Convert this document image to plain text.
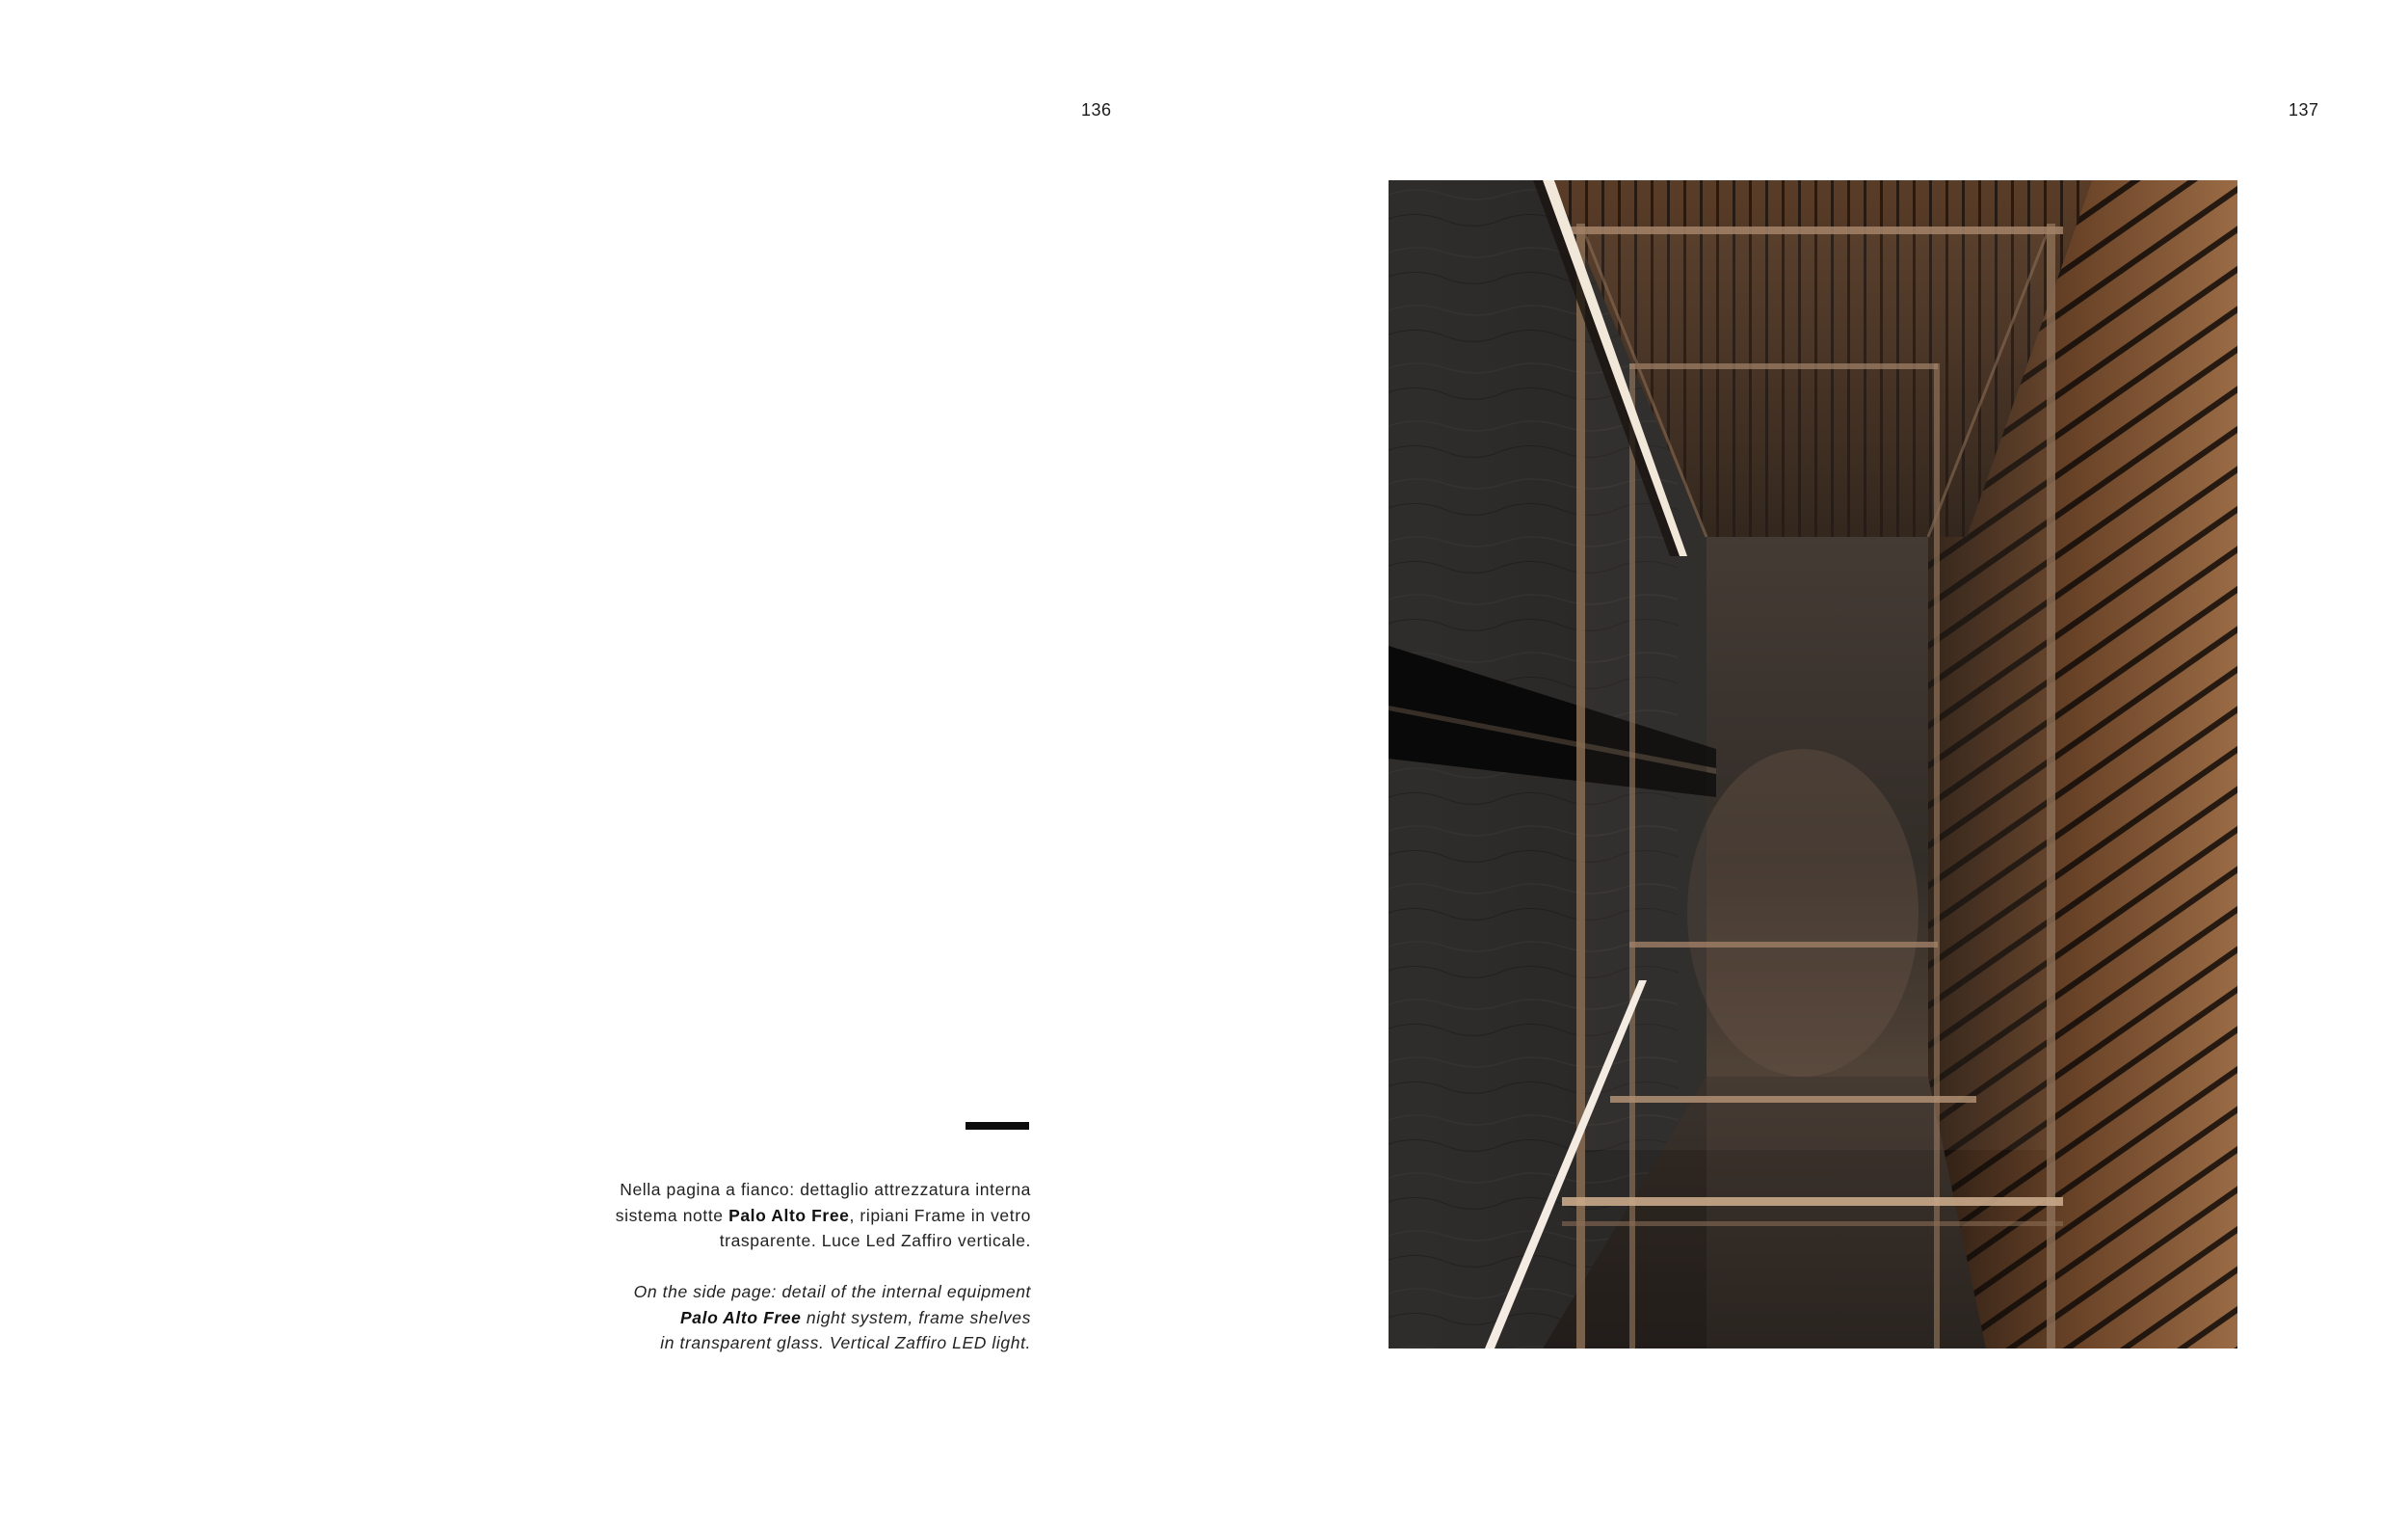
136	137
Nella pagina a fianco: dettaglio attrezzatura interna
sistema notte Palo Alto Free, ripiani Frame in vetro
trasparente. Luce Led Zaffiro verticale.
On the side page: detail of the internal equipment
Palo Alto Free night system, frame shelves
in transparent glass. Vertical Zaffiro LED light.
